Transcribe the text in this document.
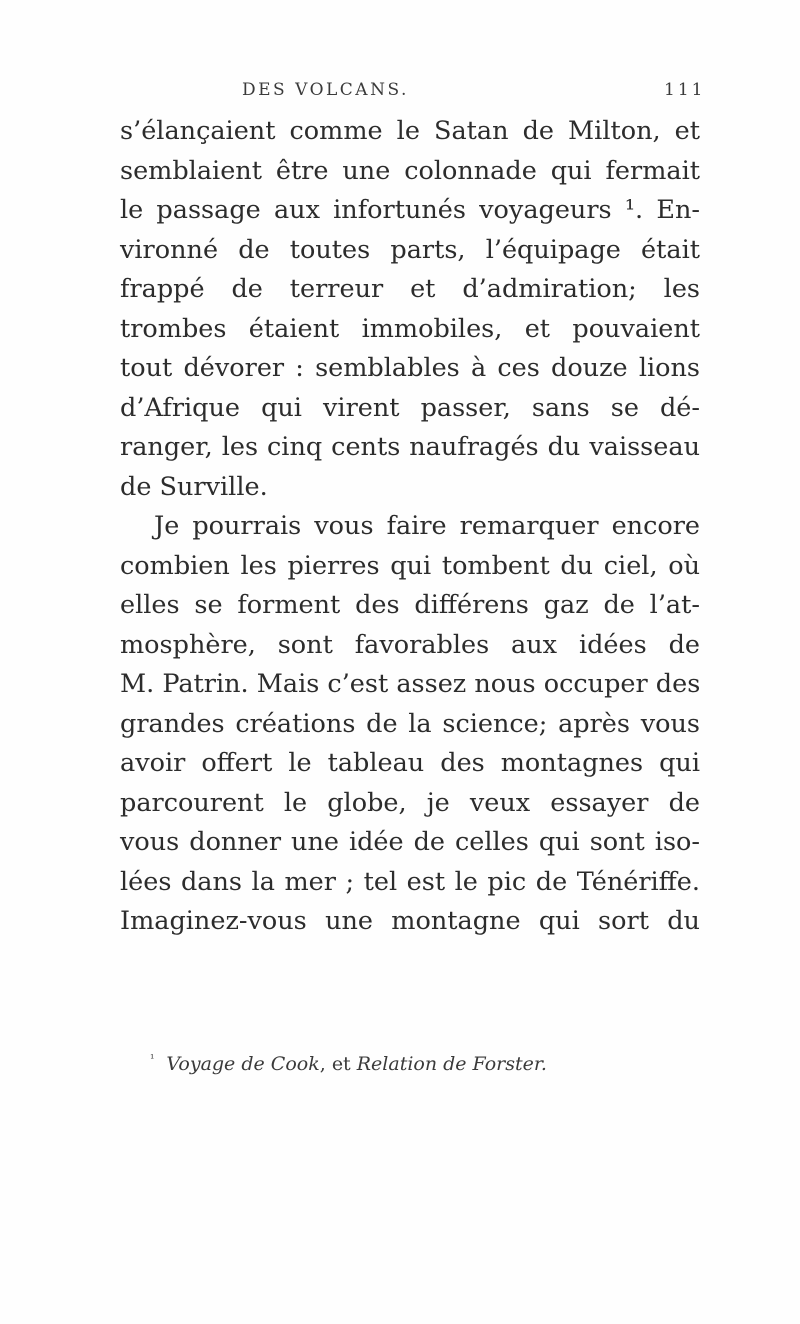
DES VOLCANS.	111
s’élançaient comme le Satan de Milton, et
semblaient être une colonnade qui fermait
le passage aux infortunés voyageurs ¹. En-
vironné de toutes parts, l’équipage était
frappé de terreur et d’admiration; les
trombes étaient immobiles, et pouvaient
tout dévorer : semblables à ces douze lions
d’Afrique qui virent passer, sans se dé-
ranger, les cinq cents naufragés du vaisseau
de Surville.
Je pourrais vous faire remarquer encore
combien les pierres qui tombent du ciel, où
elles se forment des différens gaz de l’at-
mosphère, sont favorables aux idées de
M. Patrin. Mais c’est assez nous occuper des
grandes créations de la science; après vous
avoir offert le tableau des montagnes qui
parcourent le globe, je veux essayer de
vous donner une idée de celles qui sont iso-
lées dans la mer ; tel est le pic de Ténériffe.
Imaginez-vous une montagne qui sort du
$^{^1}$ Voyage de Cook, et Relation de Forster.
